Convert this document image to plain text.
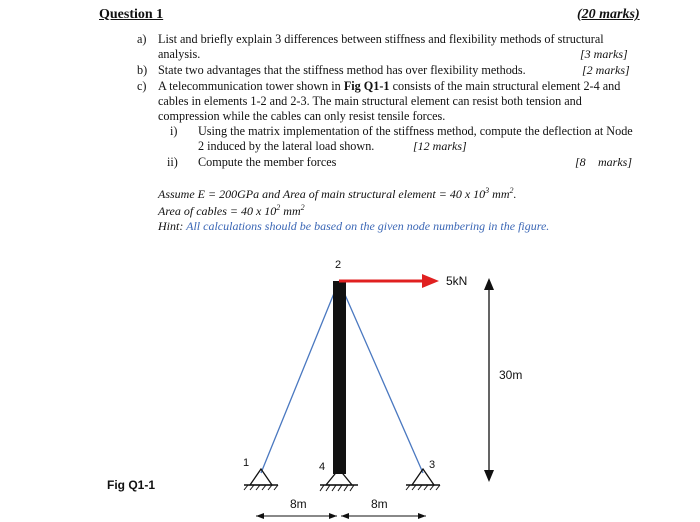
Question 1	(20 marks)
a) List and briefly explain 3 differences between stiffness and flexibility methods of structural
analysis.	[3 marks]
b) State two advantages that the stiffness method has over flexibility methods.	[2 marks]
c) A telecommunication tower shown in Fig Q1-1 consists of the main structural element 2-4 and
cables in elements 1-2 and 2-3. The main structural element can resist both tension and
compression while the cables can only resist tensile forces.
i) Using the matrix implementation of the stiffness method, compute the deflection at Node
2 induced by the lateral load shown.	[12 marks]
ii) Compute the member forces	[8 marks]
Assume E = 200GPa and Area of main structural element = 40 x $10^3$ $mm^2$.
Area of cables = 40 x $10^2$ $mm^2$
Hint: All calculations should be based on the given node numbering in the figure.
Fig Q1-1
2
1	4	3
5kN
30m
8m	8m
